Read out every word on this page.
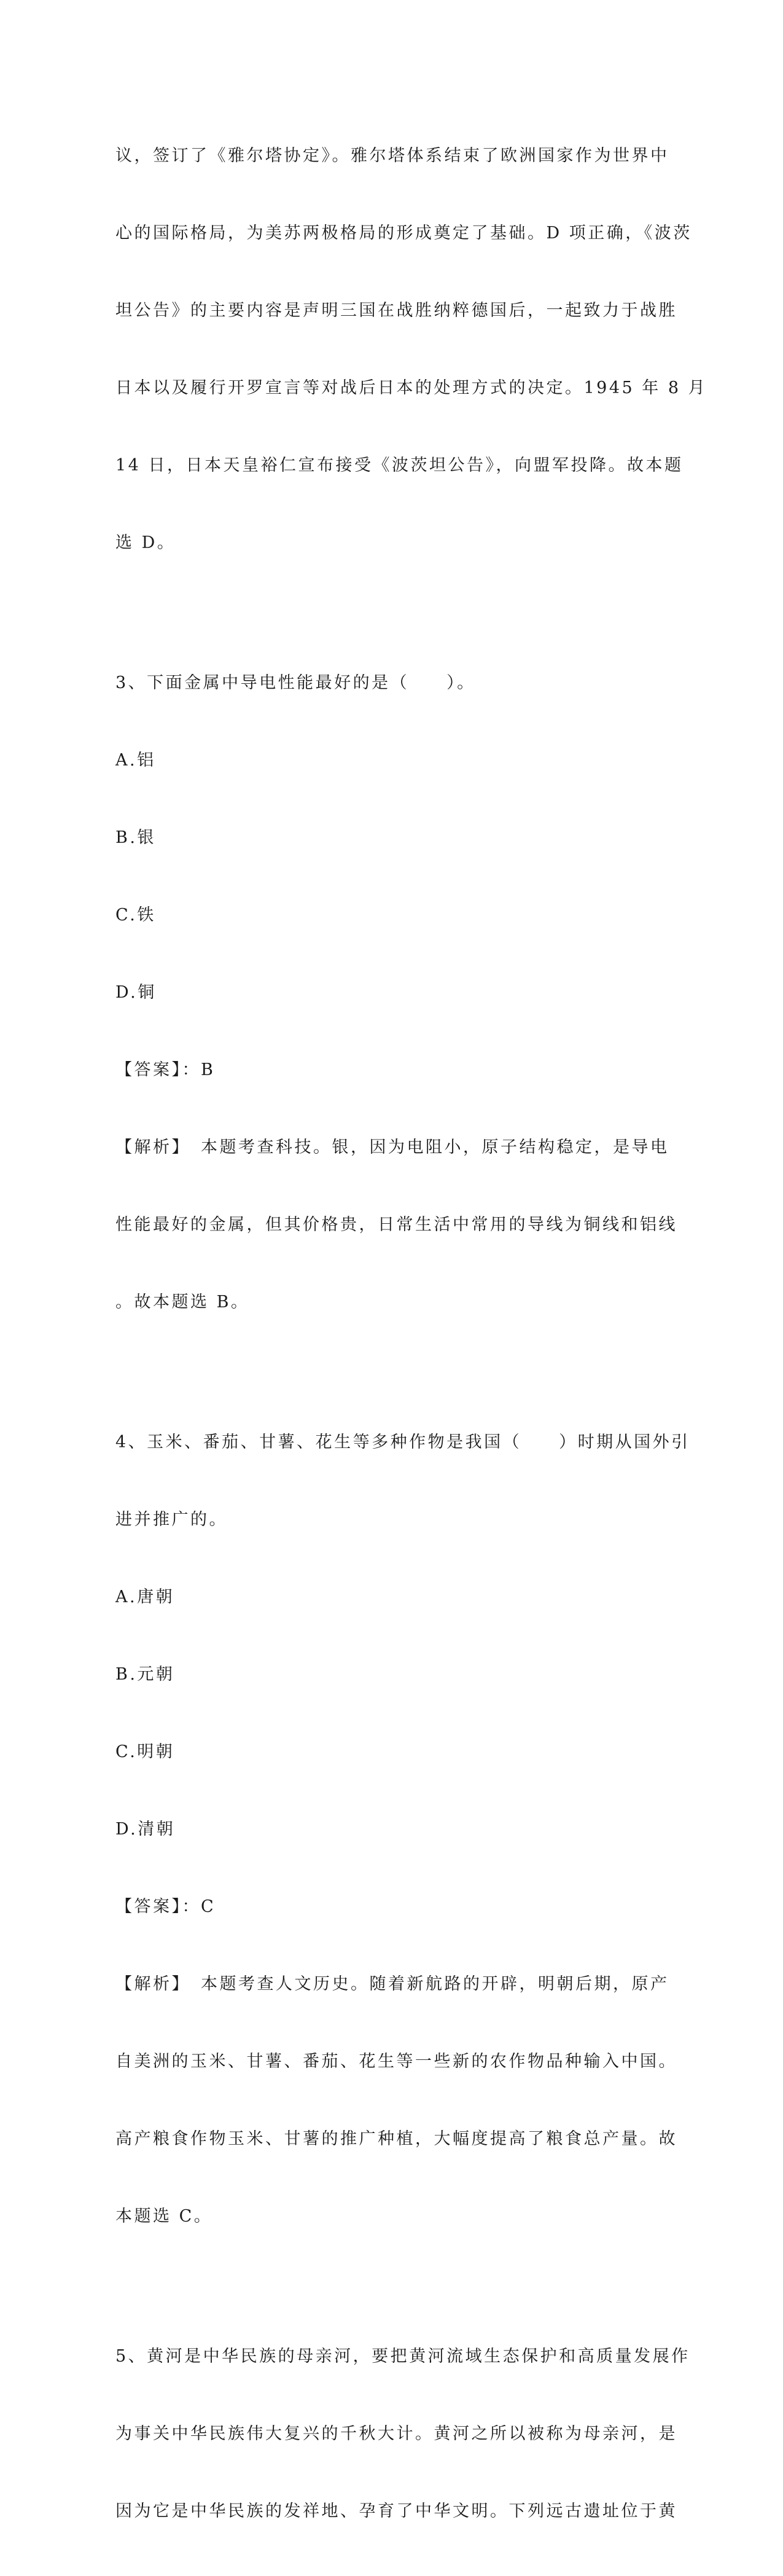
议，签订了《雅尔塔协定》。雅尔塔体系结束了欧洲国家作为世界中

心的国际格局，为美苏两极格局的形成奠定了基础。D 项正确，《波茨

坦公告》的主要内容是声明三国在战胜纳粹德国后，一起致力于战胜

日本以及履行开罗宣言等对战后日本的处理方式的决定。1945 年 8 月

14 日，日本天皇裕仁宣布接受《波茨坦公告》，向盟军投降。故本题

选 D。

3、下面金属中导电性能最好的是（　　）。

A.铝

B.银

C.铁

D.铜

【答案】：B

【解析】　本题考查科技。银，因为电阻小，原子结构稳定，是导电

性能最好的金属，但其价格贵，日常生活中常用的导线为铜线和铝线

。故本题选 B。

4、玉米、番茄、甘薯、花生等多种作物是我国（　　）时期从国外引

进并推广的。

A.唐朝

B.元朝

C.明朝

D.清朝

【答案】：C

【解析】　本题考查人文历史。随着新航路的开辟，明朝后期，原产

自美洲的玉米、甘薯、番茄、花生等一些新的农作物品种输入中国。

高产粮食作物玉米、甘薯的推广种植，大幅度提高了粮食总产量。故

本题选 C。

5、黄河是中华民族的母亲河，要把黄河流域生态保护和高质量发展作

为事关中华民族伟大复兴的千秋大计。黄河之所以被称为母亲河，是

因为它是中华民族的发祥地、孕育了中华文明。下列远古遗址位于黄
